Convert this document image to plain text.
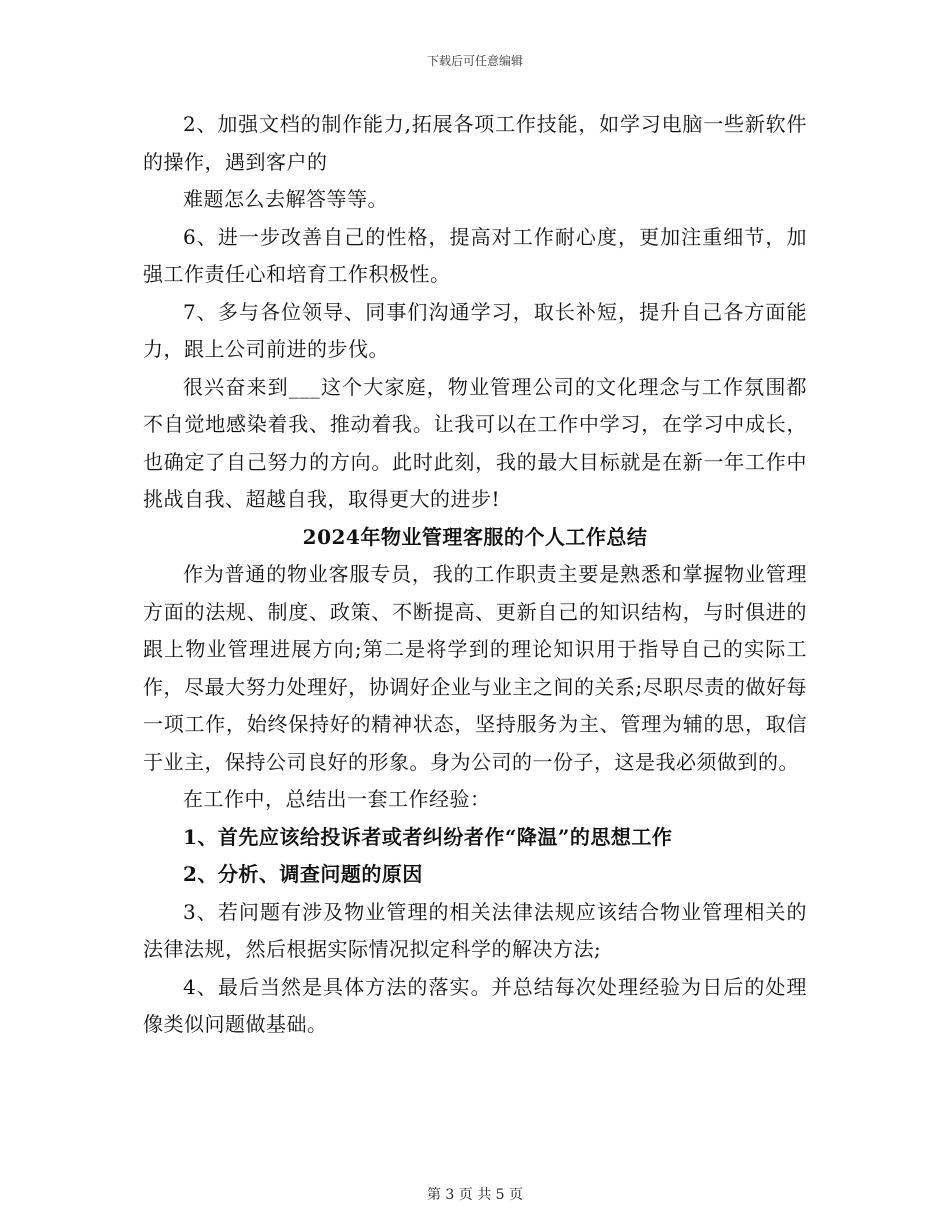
下载后可任意编辑

2、加强文档的制作能力,拓展各项工作技能，如学习电脑一些新软件的操作，遇到客户的

难题怎么去解答等等。

6、进一步改善自己的性格，提高对工作耐心度，更加注重细节，加强工作责任心和培育工作积极性。

7、多与各位领导、同事们沟通学习，取长补短，提升自己各方面能力，跟上公司前进的步伐。

很兴奋来到___这个大家庭，物业管理公司的文化理念与工作氛围都不自觉地感染着我、推动着我。让我可以在工作中学习，在学习中成长，也确定了自己努力的方向。此时此刻，我的最大目标就是在新一年工作中挑战自我、超越自我，取得更大的进步!

2024年物业管理客服的个人工作总结

作为普通的物业客服专员，我的工作职责主要是熟悉和掌握物业管理方面的法规、制度、政策、不断提高、更新自己的知识结构，与时俱进的跟上物业管理进展方向;第二是将学到的理论知识用于指导自己的实际工作，尽最大努力处理好，协调好企业与业主之间的关系;尽职尽责的做好每一项工作，始终保持好的精神状态，坚持服务为主、管理为辅的思，取信于业主，保持公司良好的形象。身为公司的一份子，这是我必须做到的。

在工作中，总结出一套工作经验：

1、首先应该给投诉者或者纠纷者作“降温”的思想工作

2、分析、调查问题的原因

3、若问题有涉及物业管理的相关法律法规应该结合物业管理相关的法律法规，然后根据实际情况拟定科学的解决方法;

4、最后当然是具体方法的落实。并总结每次处理经验为日后的处理像类似问题做基础。

第 3 页 共 5 页
